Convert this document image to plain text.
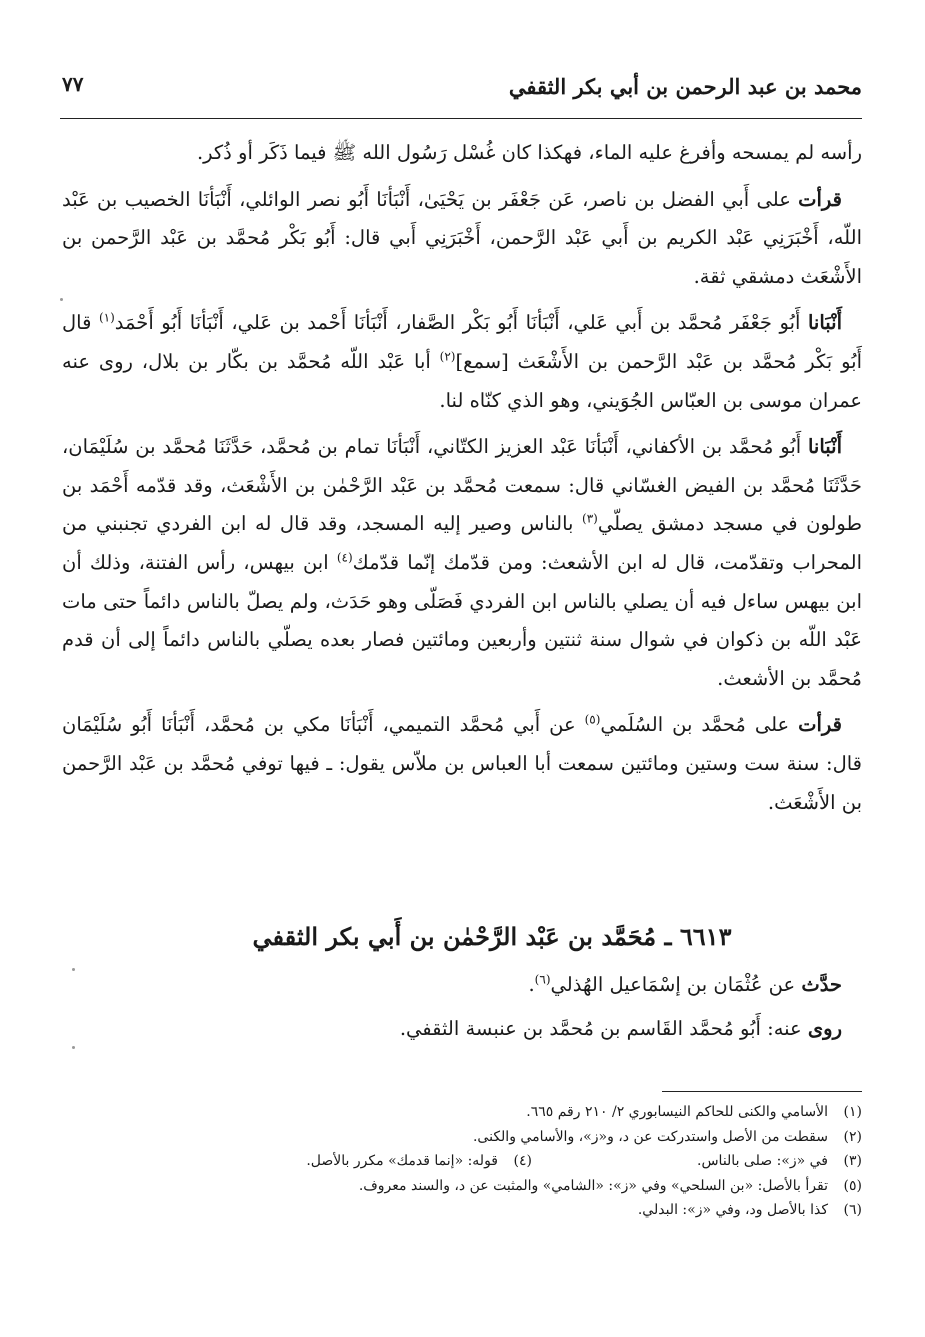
محمد بن عبد الرحمن بن أبي بكر الثقفي
٧٧

رأسه لم يمسحه وأفرغ عليه الماء، فهكذا كان غُسْل رَسُول الله ﷺ فيما ذَكَر أو ذُكر.

قرأت على أَبي الفضل بن ناصر، عَن جَعْفَر بن يَحْيَىٰ، أَنْبَأنَا أَبُو نصر الوائلي، أَنْبَأنَا الخصيب بن عَبْد اللّه، أَخْبَرَنِي عَبْد الكريم بن أَبي عَبْد الرَّحمن، أَخْبَرَنِي أَبي قال: أَبُو بَكْر مُحمَّد بن عَبْد الرَّحمن بن الأَشْعَث دمشقي ثقة.

أَنْبَانا أَبُو جَعْفَر مُحمَّد بن أَبي عَلي، أَنْبَأنَا أَبُو بَكْر الصَّفار، أَنْبَأنَا أَحْمد بن عَلي، أَنْبَأنَا أَبُو أَحْمَد$^{(١)}$ قال أَبُو بَكْر مُحمَّد بن عَبْد الرَّحمن بن الأَشْعَث [سمع]$^{(٢)}$ أبا عَبْد اللّه مُحمَّد بن بكّار بن بلال، روى عنه عمران موسى بن العبّاس الجُوَيني، وهو الذي كنّاه لنا.

أَنْبَانا أَبُو مُحمَّد بن الأكفاني، أَنْبَأنَا عَبْد العزيز الكتّاني، أَنْبَأنَا تمام بن مُحمَّد، حَدَّثَنَا مُحمَّد بن سُلَيْمَان، حَدَّثَنَا مُحمَّد بن الفيض الغسّاني قال: سمعت مُحمَّد بن عَبْد الرَّحْمٰن بن الأَشْعَث، وقد قدّمه أَحْمَد بن طولون في مسجد دمشق يصلّي$^{(٣)}$ بالناس وصير إليه المسجد، وقد قال له ابن الفردي تجنبني من المحراب وتقدّمت، قال له ابن الأشعث: ومن قدّمك إنّما قدّمك$^{(٤)}$ ابن بيهس، رأس الفتنة، وذلك أن ابن بيهس ساءل فيه أن يصلي بالناس ابن الفردي فَصَلّى وهو حَدَث، ولم يصلّ بالناس دائماً حتى مات عَبْد اللّه بن ذكوان في شوال سنة ثنتين وأربعين ومائتين فصار بعده يصلّي بالناس دائماً إلى أن قدم مُحمَّد بن الأشعث.

قرأت على مُحمَّد بن السُلَمي$^{(٥)}$ عن أَبي مُحمَّد التميمي، أَنْبَأنَا مكي بن مُحمَّد، أَنْبَأنَا أَبُو سُلَيْمَان قال: سنة ست وستين ومائتين سمعت أبا العباس بن ملاّس يقول: ـ فيها توفي مُحمَّد بن عَبْد الرَّحمن بن الأَشْعَث.

٦٦١٣ ـ مُحَمَّد بن عَبْد الرَّحْمٰن بن أَبي بكر الثقفي

حدَّث عن عُثْمَان بن إسْمَاعيل الهُذلي$^{(٦)}$.

روى عنه: أَبُو مُحمَّد القَاسم بن مُحمَّد بن عنبسة الثقفي.

(١)الأسامي والكنى للحاكم النيسابوري ٢/ ٢١٠ رقم ٦٦٥.
(٢)سقطت من الأصل واستدركت عن د، و«ز»، والأسامي والكنى.
(٣)في «ز»: صلى بالناس.
(٤)قوله: «إنما قدمك» مكرر بالأصل.
(٥)تقرأ بالأصل: «بن السلحي» وفي «ز»: «الشامي» والمثبت عن د، والسند معروف.
(٦)كذا بالأصل ود، وفي «ز»: البدلي.
